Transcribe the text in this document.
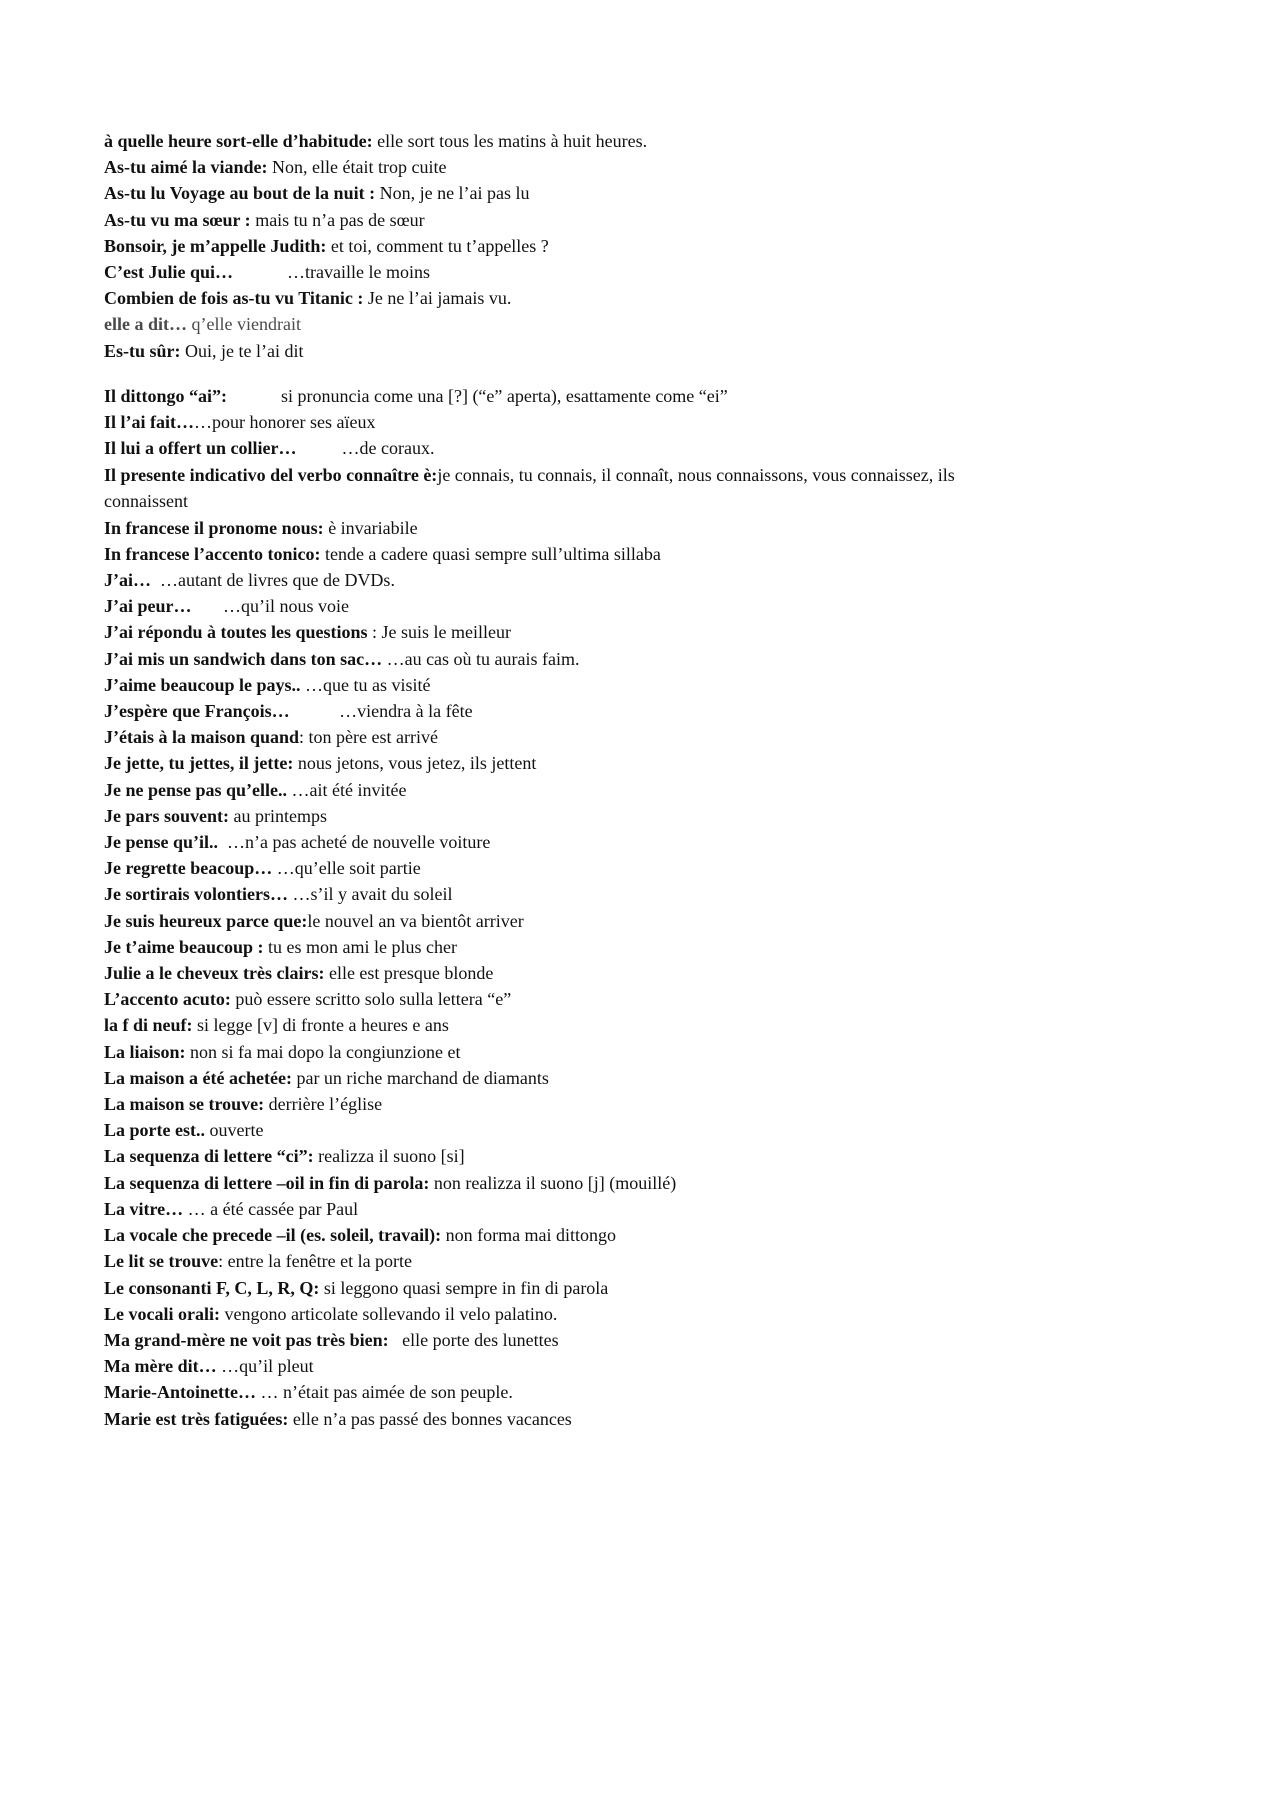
à quelle heure sort-elle d’habitude: elle sort tous les matins à huit heures.

As-tu aimé la viande: Non, elle était trop cuite

As-tu lu Voyage au bout de la nuit : Non, je ne l’ai pas lu

As-tu vu ma sœur : mais tu n’a pas de sœur

Bonsoir, je m’appelle Judith: et toi, comment tu t’appelles ?

C’est Julie qui…            …travaille le moins

Combien de fois as-tu vu Titanic : Je ne l’ai jamais vu.

elle a dit… q’elle viendrait

Es-tu sûr: Oui, je te l’ai dit

Il dittongo “ai”:            si pronuncia come una [?] (“e” aperta), esattamente come “ei”

Il l’ai fait……pour honorer ses aïeux

Il lui a offert un collier…          …de coraux.

Il presente indicativo del verbo connaître è:je connais, tu connais, il connaît, nous connaissons, vous connaissez, ils connaissent

In francese il pronome nous: è invariabile

In francese l’accento tonico: tende a cadere quasi sempre sull’ultima sillaba

J’ai…  …autant de livres que de DVDs.

J’ai peur…       …qu’il nous voie

J’ai répondu à toutes les questions : Je suis le meilleur

J’ai mis un sandwich dans ton sac… …au cas où tu aurais faim.

J’aime beaucoup le pays.. …que tu as visité

J’espère que François…           …viendra à la fête

J’étais à la maison quand: ton père est arrivé

Je jette, tu jettes, il jette: nous jetons, vous jetez, ils jettent

Je ne pense pas qu’elle.. …ait été invitée

Je pars souvent: au printemps

Je pense qu’il..  …n’a pas acheté de nouvelle voiture

Je regrette beacoup… …qu’elle soit partie

Je sortirais volontiers… …s’il y avait du soleil

Je suis heureux parce que:le nouvel an va bientôt arriver

Je t’aime beaucoup : tu es mon ami le plus cher

Julie a le cheveux très clairs: elle est presque blonde

L’accento acuto: può essere scritto solo sulla lettera “e”

la f di neuf: si legge [v] di fronte a heures e ans

La liaison: non si fa mai dopo la congiunzione et

La maison a été achetée: par un riche marchand de diamants

La maison se trouve: derrière l’église

La porte est.. ouverte

La sequenza di lettere “ci”: realizza il suono [si]

La sequenza di lettere –oil in fin di parola: non realizza il suono [j] (mouillé)

La vitre… … a été cassée par Paul

La vocale che precede –il (es. soleil, travail): non forma mai dittongo

Le lit se trouve: entre la fenêtre et la porte

Le consonanti F, C, L, R, Q: si leggono quasi sempre in fin di parola

Le vocali orali: vengono articolate sollevando il velo palatino.

Ma grand-mère ne voit pas très bien:   elle porte des lunettes

Ma mère dit… …qu’il pleut

Marie-Antoinette… … n’était pas aimée de son peuple.

Marie est très fatiguées: elle n’a pas passé des bonnes vacances
